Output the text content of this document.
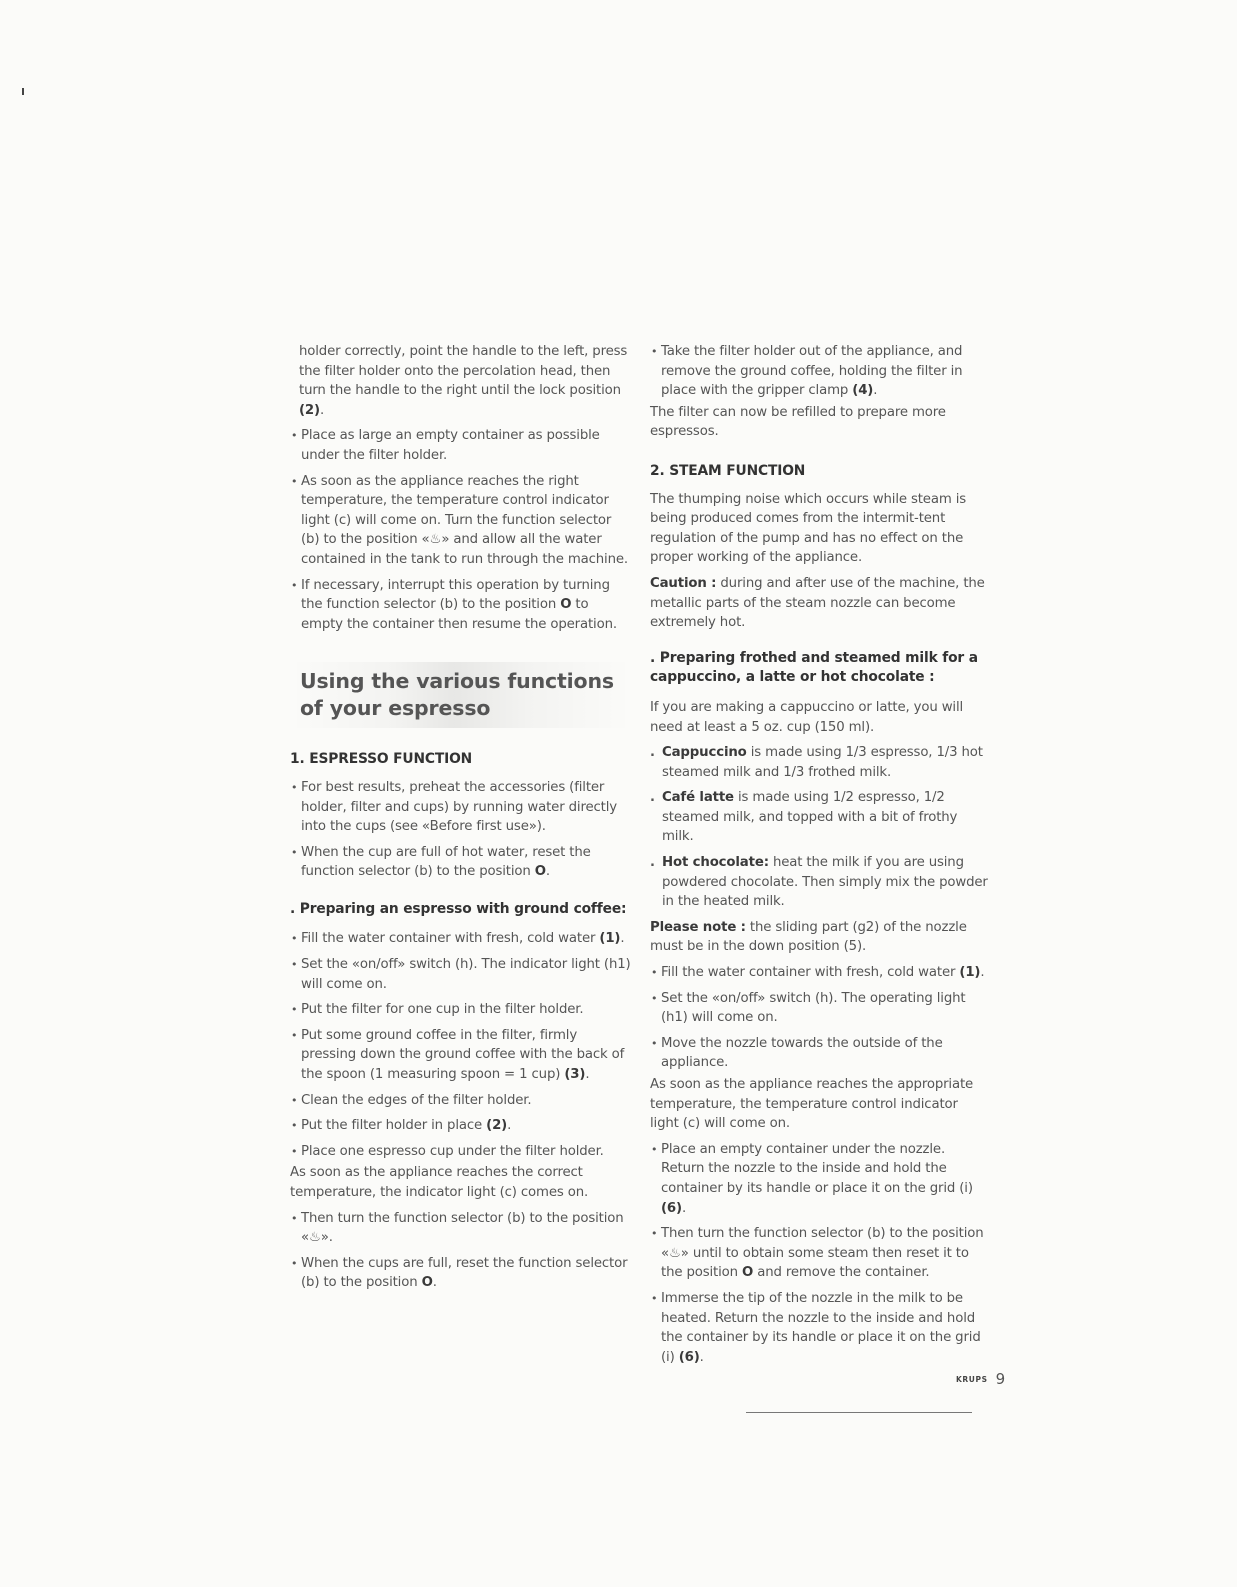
holder correctly, point the handle to the left, press the filter holder onto the percolation head, then turn the handle to the right until the lock position (2).

• Place as large an empty container as possible under the filter holder.

• As soon as the appliance reaches the right temperature, the temperature control indicator light (c) will come on. Turn the function selector (b) to the position «♨» and allow all the water contained in the tank to run through the machine.

• If necessary, interrupt this operation by turning the function selector (b) to the position O to empty the container then resume the operation.

Using the various functions of your espresso
1. ESPRESSO FUNCTION

• For best results, preheat the accessories (filter holder, filter and cups) by running water directly into the cups (see «Before first use»).

• When the cup are full of hot water, reset the function selector (b) to the position O.

. Preparing an espresso with ground coffee:

• Fill the water container with fresh, cold water (1).

• Set the «on/off» switch (h). The indicator light (h1) will come on.

• Put the filter for one cup in the filter holder.

• Put some ground coffee in the filter, firmly pressing down the ground coffee with the back of the spoon (1 measuring spoon = 1 cup) (3).

• Clean the edges of the filter holder.

• Put the filter holder in place (2).

• Place one espresso cup under the filter holder.

As soon as the appliance reaches the correct temperature, the indicator light (c) comes on.

• Then turn the function selector (b) to the position «♨».

• When the cups are full, reset the function selector (b) to the position O.

• Take the filter holder out of the appliance, and remove the ground coffee, holding the filter in place with the gripper clamp (4).

The filter can now be refilled to prepare more espressos.

2. STEAM FUNCTION

The thumping noise which occurs while steam is being produced comes from the intermit-tent regulation of the pump and has no effect on the proper working of the appliance.

Caution : during and after use of the machine, the metallic parts of the steam nozzle can become extremely hot.

. Preparing frothed and steamed milk for a cappuccino, a latte or hot chocolate :

If you are making a cappuccino or latte, you will need at least a 5 oz. cup (150 ml).

. Cappuccino is made using 1/3 espresso, 1/3 hot steamed milk and 1/3 frothed milk.

. Café latte is made using 1/2 espresso, 1/2 steamed milk, and topped with a bit of frothy milk.

. Hot chocolate: heat the milk if you are using powdered chocolate. Then simply mix the powder in the heated milk.

Please note : the sliding part (g2) of the nozzle must be in the down position (5).

• Fill the water container with fresh, cold water (1).

• Set the «on/off» switch (h). The operating light (h1) will come on.

• Move the nozzle towards the outside of the appliance.

As soon as the appliance reaches the appropriate temperature, the temperature control indicator light (c) will come on.

• Place an empty container under the nozzle. Return the nozzle to the inside and hold the container by its handle or place it on the grid (i) (6).

• Then turn the function selector (b) to the position «♨» until to obtain some steam then reset it to the position O and remove the container.

• Immerse the tip of the nozzle in the milk to be heated. Return the nozzle to the inside and hold the container by its handle or place it on the grid (i) (6).

KRUPS 9
